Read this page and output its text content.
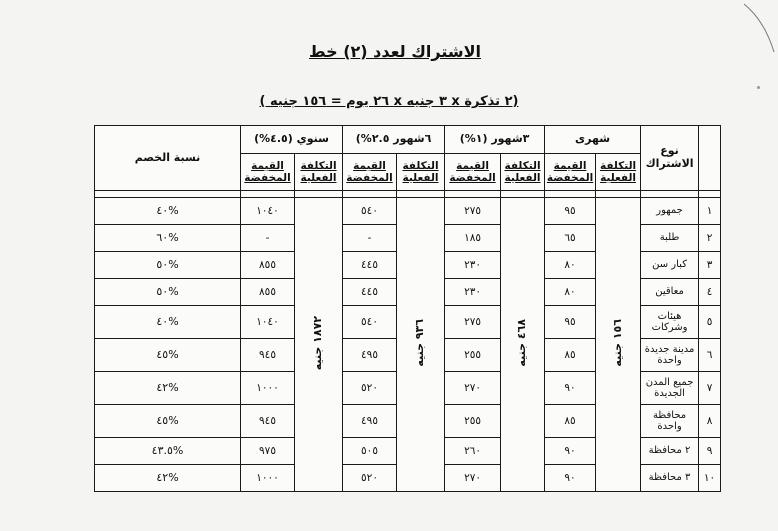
الاشتراك لعدد (٢) خط
(٢ تذكرة x ٣ جنيه x ٢٦ يوم = ١٥٦ جنيه )
	نوع الاشتراك	شهرى		٣شهور (١%)		٦شهور ٢.٥%)		سنوي (٤.٥%)		نسبة الخصم

		التكلفة الفعلية	القيمة المخفضة	التكلفة الفعلية	القيمة المخفضة	التكلفة الفعلية	القيمة المخفضة	التكلفة الفعلية	القيمة المخفضة	

١	جمهور	١٥٦ جنيه	٩٥	٤٦٨ جنيه	٢٧٥	٩٣٦ جنيه	٥٤٠	١٨٧٢ جنيه	١٠٤٠	%٤٠
٢	طلبة		٦٥		١٨٥		-		-	%٦٠
٣	كبار سن		٨٠		٢٣٠		٤٤٥		٨٥٥	%٥٠
٤	معاقين		٨٠		٢٣٠		٤٤٥		٨٥٥	%٥٠
٥	هيئات وشركات		٩٥		٢٧٥		٥٤٠		١٠٤٠	%٤٠
٦	مدينة جديدة واحدة		٨٥		٢٥٥		٤٩٥		٩٤٥	%٤٥
٧	جميع المدن الجديدة		٩٠		٢٧٠		٥٢٠		١٠٠٠	%٤٢
٨	محافظة واحدة		٨٥		٢٥٥		٤٩٥		٩٤٥	%٤٥
٩	٢ محافظة		٩٠		٢٦٠		٥٠٥		٩٧٥	%٤٣.٥
١٠	٣ محافظة		٩٠		٢٧٠		٥٢٠		١٠٠٠	%٤٢
